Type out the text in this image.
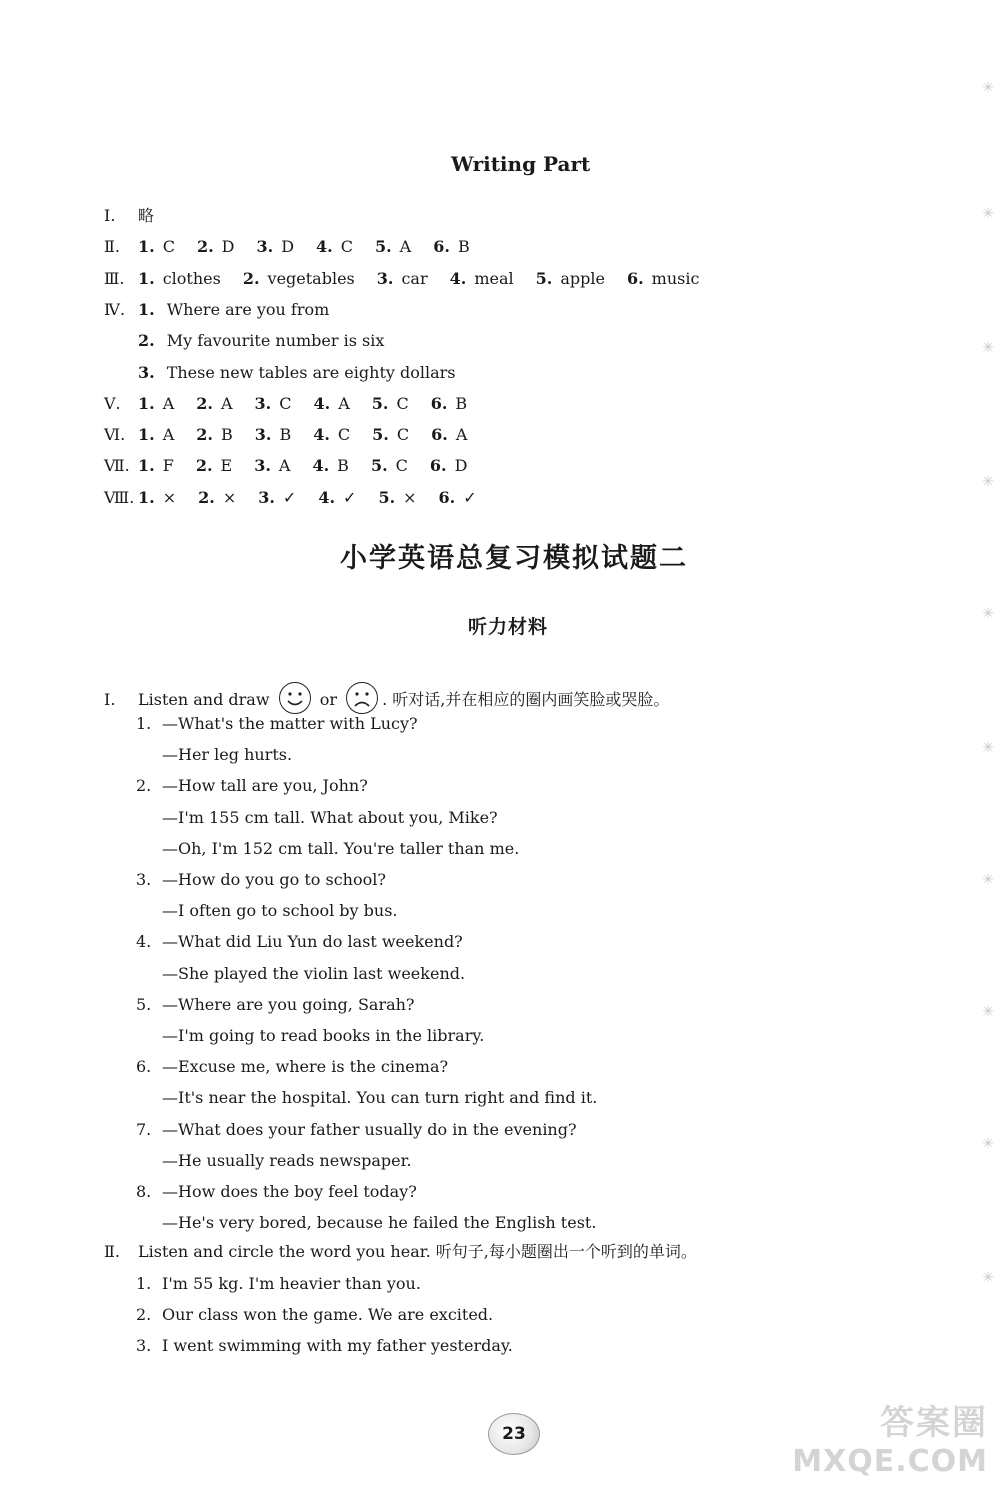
Writing Part
Ⅰ. 略
Ⅱ. 1. C 2. D 3. D 4. C 5. A 6. B
Ⅲ. 1. clothes 2. vegetables 3. car 4. meal 5. apple 6. music
Ⅳ. 1. Where are you from
2. My favourite number is six
3. These new tables are eighty dollars
Ⅴ. 1. A 2. A 3. C 4. A 5. C 6. B
Ⅵ. 1. A 2. B 3. B 4. C 5. C 6. A
Ⅶ. 1. F 2. E 3. A 4. B 5. C 6. D
Ⅷ. 1. × 2. × 3. ✓ 4. ✓ 5. × 6. ✓
小学英语总复习模拟试题二
听力材料
Ⅰ. Listen and draw	or	. 听对话,并在相应的圈内画笑脸或哭脸。
1. —What's the matter with Lucy?
—Her leg hurts.
2. —How tall are you, John?
—I'm 155 cm tall. What about you, Mike?
—Oh, I'm 152 cm tall. You're taller than me.
3. —How do you go to school?
—I often go to school by bus.
4. —What did Liu Yun do last weekend?
—She played the violin last weekend.
5. —Where are you going, Sarah?
—I'm going to read books in the library.
6. —Excuse me, where is the cinema?
—It's near the hospital. You can turn right and find it.
7. —What does your father usually do in the evening?
—He usually reads newspaper.
8. —How does the boy feel today?
—He's very bored, because he failed the English test.
Ⅱ. Listen and circle the word you hear. 听句子,每小题圈出一个听到的单词。
1. I'm 55 kg. I'm heavier than you.
2. Our class won the game. We are excited.
3. I went swimming with my father yesterday.
23	答案圈
MXQE.COM
✳
✳
✳
✳
✳
✳
✳
✳
✳
✳
